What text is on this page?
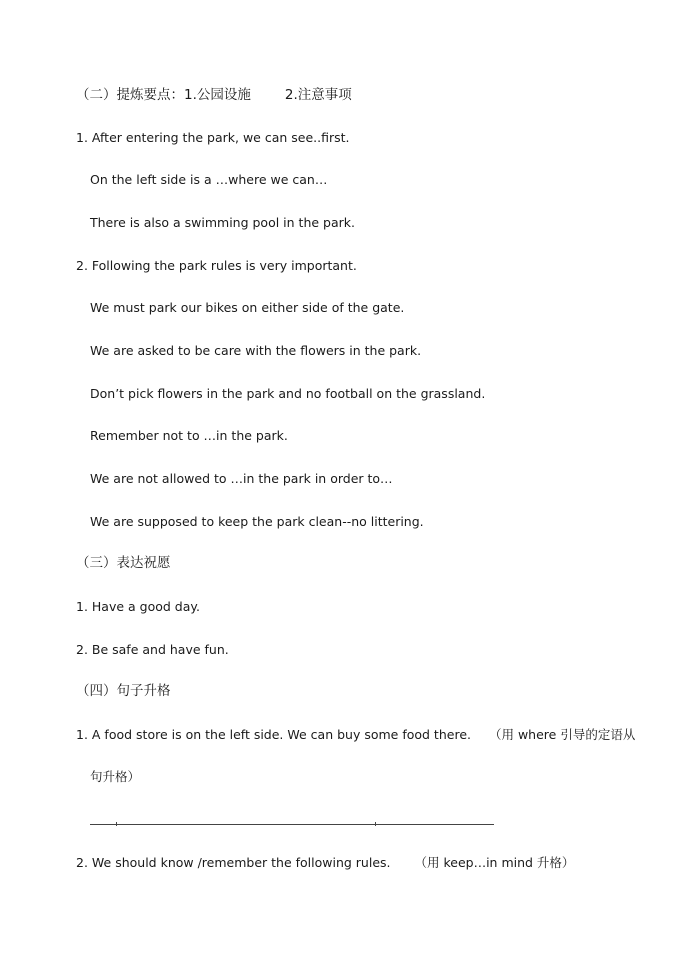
（二）提炼要点：1.公园设施	2.注意事项
1. After entering the park, we can see..first.
On the left side is a …where we can…
There is also a swimming pool in the park.
2. Following the park rules is very important.
We must park our bikes on either side of the gate.
We are asked to be care with the flowers in the park.
Don’t pick flowers in the park and no football on the grassland.
Remember not to …in the park.
We are not allowed to …in the park in order to…
We are supposed to keep the park clean--no littering.
（三）表达祝愿
1. Have a good day.
2. Be safe and have fun.
（四）句子升格
1. A food store is on the left side. We can buy some food there. （用 where 引导的定语从
句升格）
2. We should know /remember the following rules. （用 keep…in mind 升格）
